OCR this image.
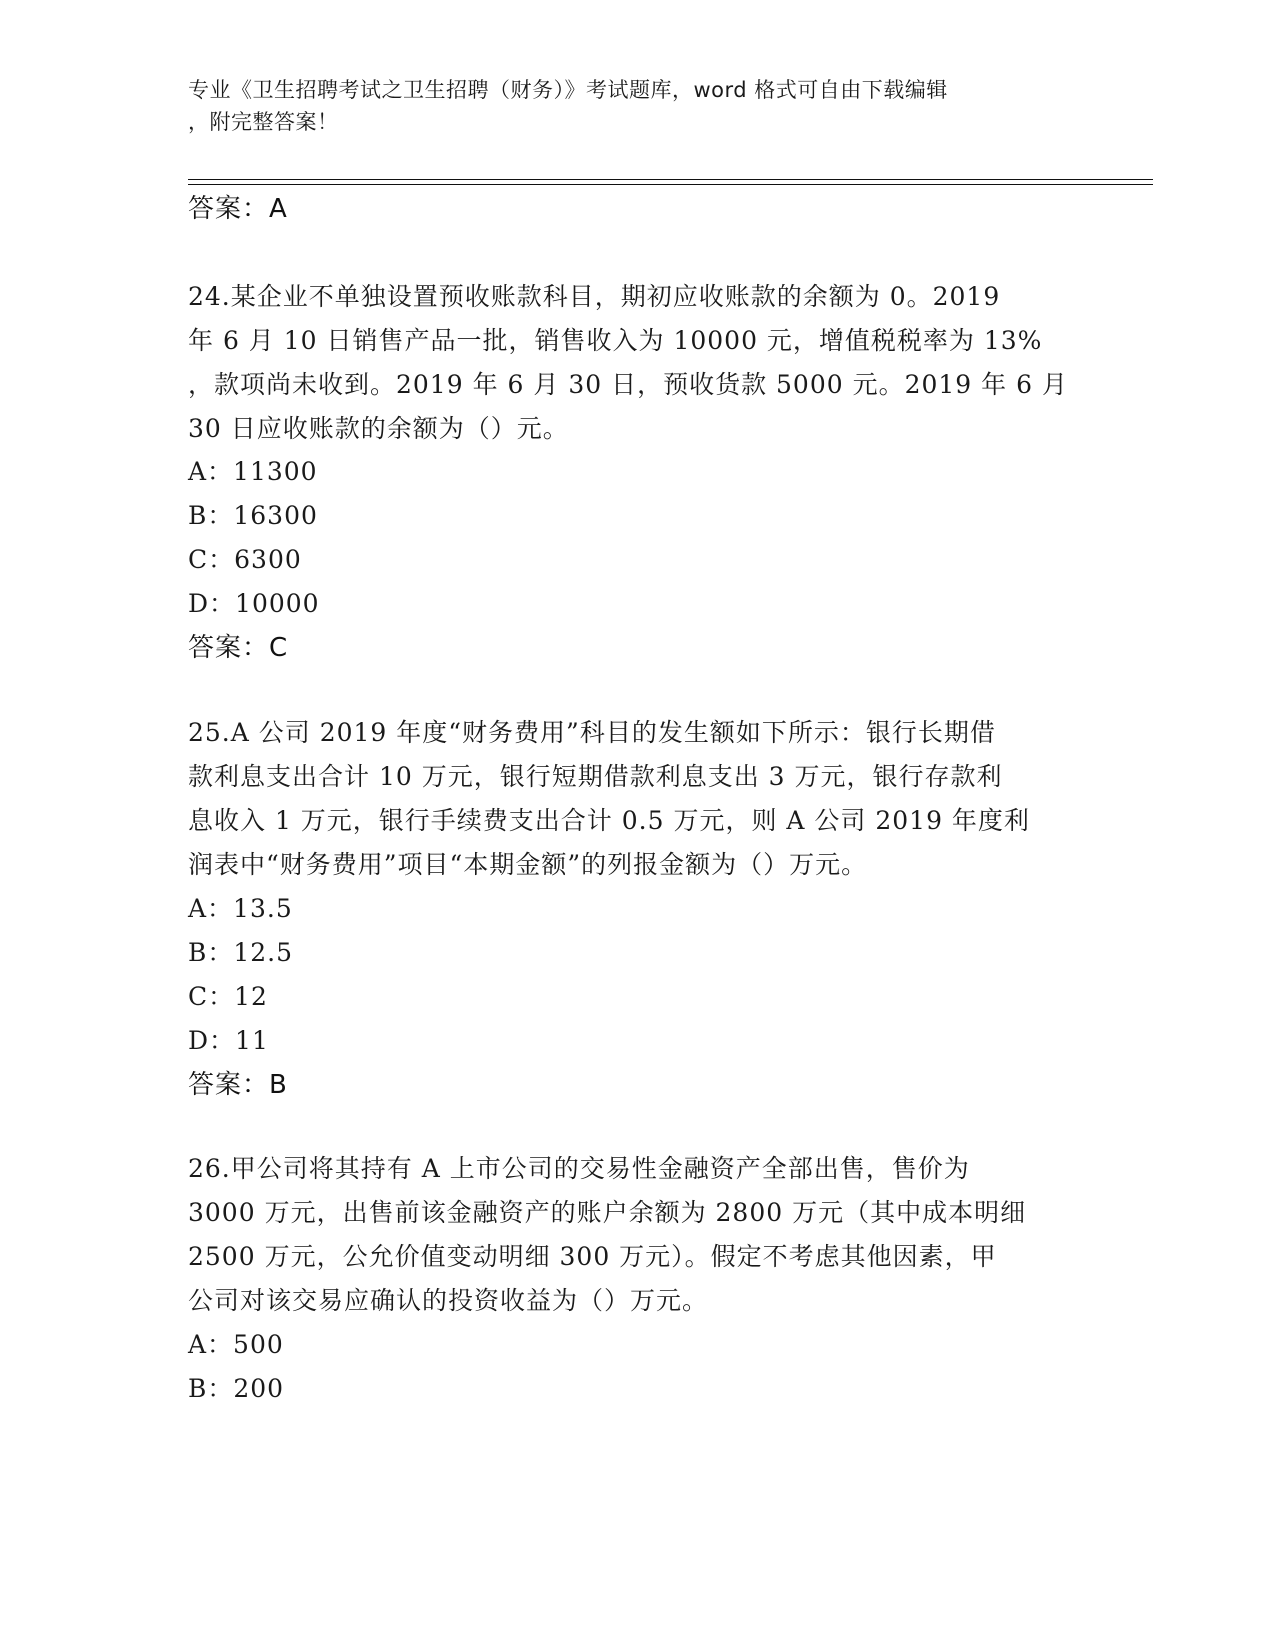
专业《卫生招聘考试之卫生招聘（财务）》考试题库，word 格式可自由下载编辑
，附完整答案！
答案：A
24.某企业不单独设置预收账款科目，期初应收账款的余额为 0。2019
年 6 月 10 日销售产品一批，销售收入为 10000 元，增值税税率为 13%
，款项尚未收到。2019 年 6 月 30 日，预收货款 5000 元。2019 年 6 月
30 日应收账款的余额为（）元。
A：11300
B：16300
C：6300
D：10000
答案：C
25.A 公司 2019 年度“财务费用”科目的发生额如下所示：银行长期借
款利息支出合计 10 万元，银行短期借款利息支出 3 万元，银行存款利
息收入 1 万元，银行手续费支出合计 0.5 万元，则 A 公司 2019 年度利
润表中“财务费用”项目“本期金额”的列报金额为（）万元。
A：13.5
B：12.5
C：12
D：11
答案：B
26.甲公司将其持有 A 上市公司的交易性金融资产全部出售，售价为
3000 万元，出售前该金融资产的账户余额为 2800 万元（其中成本明细
2500 万元，公允价值变动明细 300 万元）。假定不考虑其他因素，甲
公司对该交易应确认的投资收益为（）万元。
A：500
B：200
